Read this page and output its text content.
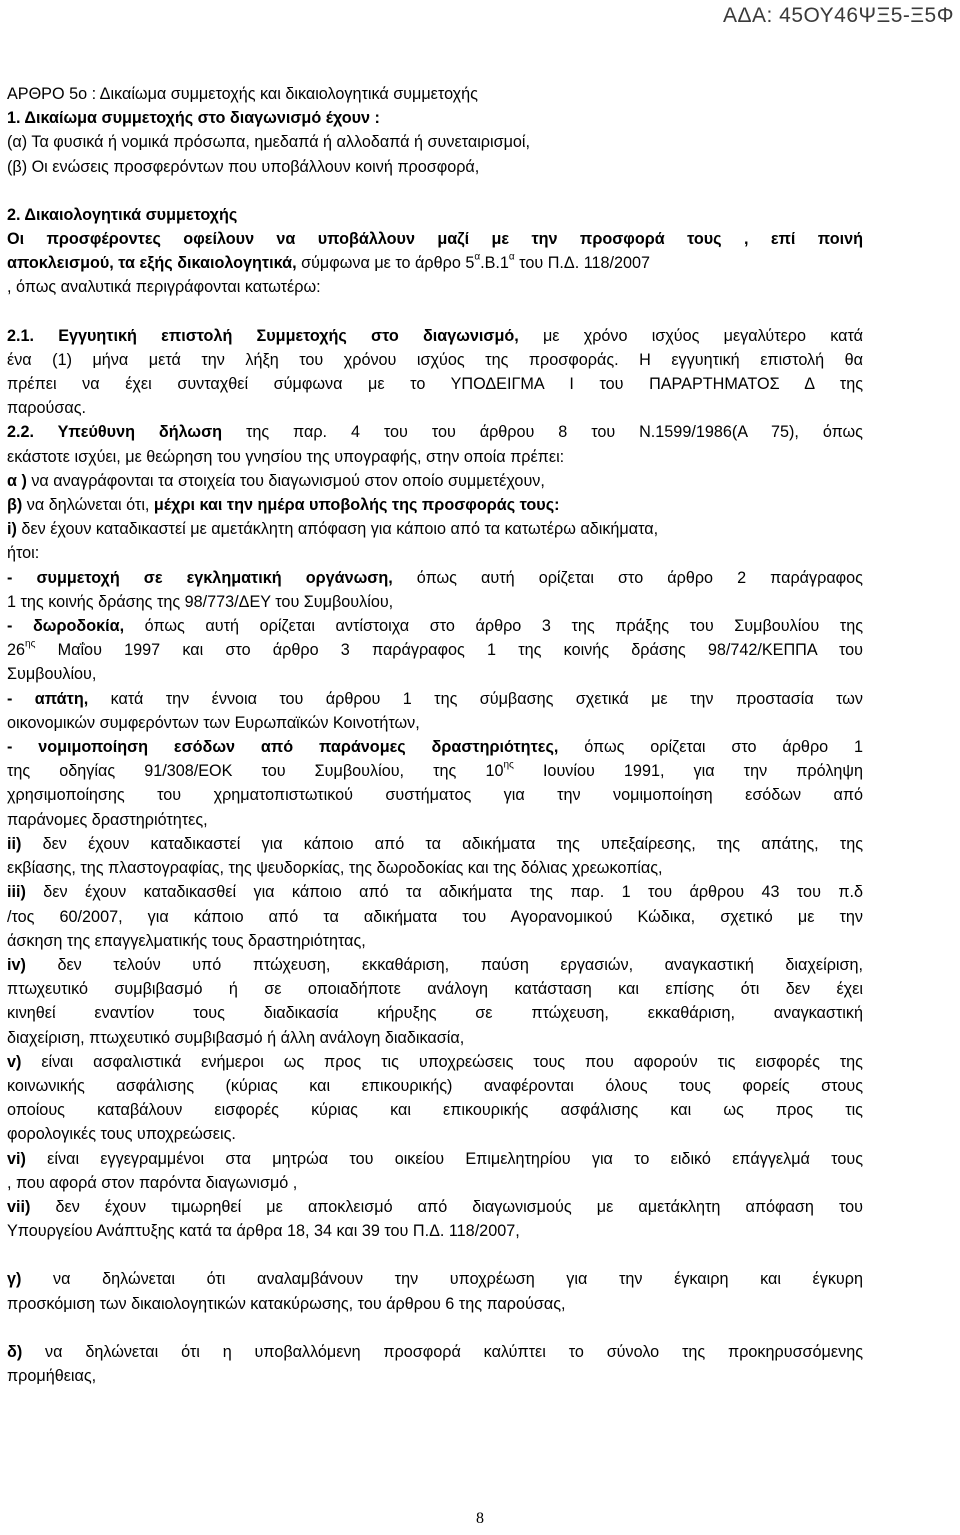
ΑΔΑ: 45ΟΥ46ΨΞ5-Ξ5Φ
ΑΡΘΡΟ 5ο : Δικαίωμα συμμετοχής και δικαιολογητικά συμμετοχής
1. Δικαίωμα συμμετοχής στο διαγωνισμό έχουν :
(α) Τα φυσικά ή νομικά πρόσωπα, ημεδαπά ή αλλοδαπά ή συνεταιρισμοί,
(β) Οι ενώσεις προσφερόντων που υποβάλλουν κοινή προσφορά,
2. Δικαιολογητικά συμμετοχής
Οι προσφέροντες οφείλουν να υποβάλλουν μαζί με την προσφορά τους , επί ποινή
αποκλεισμού, τα εξής δικαιολογητικά, σύμφωνα με το άρθρο $5^\alpha.B.1^\alpha$ του Π.Δ. 118/2007
, όπως αναλυτικά περιγράφονται κατωτέρω:
2.1. Εγγυητική επιστολή Συμμετοχής στο διαγωνισμό, με χρόνο ισχύος μεγαλύτερο κατά
ένα (1) μήνα μετά την λήξη του χρόνου ισχύος της προσφοράς. Η εγγυητική επιστολή θα
πρέπει να έχει συνταχθεί σύμφωνα με το ΥΠΟΔΕΙΓΜΑ Ι του ΠΑΡΑΡΤΗΜΑΤΟΣ Δ της
παρούσας.
2.2. Υπεύθυνη δήλωση της παρ. 4 του του άρθρου 8 του Ν.1599/1986(Α 75), όπως
εκάστοτε ισχύει, με θεώρηση του γνησίου της υπογραφής, στην οποία πρέπει:
α ) να αναγράφονται τα στοιχεία του διαγωνισμού στον οποίο συμμετέχουν,
β) να δηλώνεται ότι, μέχρι και την ημέρα υποβολής της προσφοράς τους:
i) δεν έχουν καταδικαστεί με αμετάκλητη απόφαση για κάποιο από τα κατωτέρω αδικήματα,
ήτοι:
- συμμετοχή σε εγκληματική οργάνωση, όπως αυτή ορίζεται στο άρθρο 2 παράγραφος
1 της κοινής δράσης της 98/773/ΔΕΥ του Συμβουλίου,
- δωροδοκία, όπως αυτή ορίζεται αντίστοιχα στο άρθρο 3 της πράξης του Συμβουλίου της
$26^{\eta\varsigma}$ Μαΐου 1997 και στο άρθρο 3 παράγραφος 1 της κοινής δράσης 98/742/ΚΕΠΠΑ του
Συμβουλίου,
- απάτη, κατά την έννοια του άρθρου 1 της σύμβασης σχετικά με την προστασία των
οικονομικών συμφερόντων των Ευρωπαϊκών Κοινοτήτων,
- νομιμοποίηση εσόδων από παράνομες δραστηριότητες, όπως ορίζεται στο άρθρο 1
της οδηγίας 91/308/ΕΟΚ του Συμβουλίου, της $10^{\eta\varsigma}$ Ιουνίου 1991, για την πρόληψη
χρησιμοποίησης του χρηματοπιστωτικού συστήματος για την νομιμοποίηση εσόδων από
παράνομες δραστηριότητες,
ii) δεν έχουν καταδικαστεί για κάποιο από τα αδικήματα της υπεξαίρεσης, της απάτης, της
εκβίασης, της πλαστογραφίας, της ψευδορκίας, της δωροδοκίας και της δόλιας χρεωκοπίας,
iii) δεν έχουν καταδικασθεί για κάποιο από τα αδικήματα της παρ. 1 του άρθρου 43 του π.δ
/τος 60/2007, για κάποιο από τα αδικήματα του Αγορανομικού Κώδικα, σχετικό με την
άσκηση της επαγγελματικής τους δραστηριότητας,
iv) δεν τελούν υπό πτώχευση, εκκαθάριση, παύση εργασιών, αναγκαστική διαχείριση,
πτωχευτικό συμβιβασμό ή σε οποιαδήποτε ανάλογη κατάσταση και επίσης ότι δεν έχει
κινηθεί εναντίον τους διαδικασία κήρυξης σε πτώχευση, εκκαθάριση, αναγκαστική
διαχείριση, πτωχευτικό συμβιβασμό ή άλλη ανάλογη διαδικασία,
v) είναι ασφαλιστικά ενήμεροι ως προς τις υποχρεώσεις τους που αφορούν τις εισφορές της
κοινωνικής ασφάλισης (κύριας και επικουρικής) αναφέρονται όλους τους φορείς στους
οποίους καταβάλουν εισφορές κύριας και επικουρικής ασφάλισης και ως προς τις
φορολογικές τους υποχρεώσεις.
vi) είναι εγγεγραμμένοι στα μητρώα του οικείου Επιμελητηρίου για το ειδικό επάγγελμά τους
, που αφορά στον παρόντα διαγωνισμό ,
vii) δεν έχουν τιμωρηθεί με αποκλεισμό από διαγωνισμούς με αμετάκλητη απόφαση του
Υπουργείου Ανάπτυξης κατά τα άρθρα 18, 34 και 39 του Π.Δ. 118/2007,
γ) να δηλώνεται ότι αναλαμβάνουν την υποχρέωση για την έγκαιρη και έγκυρη
προσκόμιση των δικαιολογητικών κατακύρωσης, του άρθρου 6 της παρούσας,
δ) να δηλώνεται ότι η υποβαλλόμενη προσφορά καλύπτει το σύνολο της προκηρυσσόμενης
προμήθειας,
8
